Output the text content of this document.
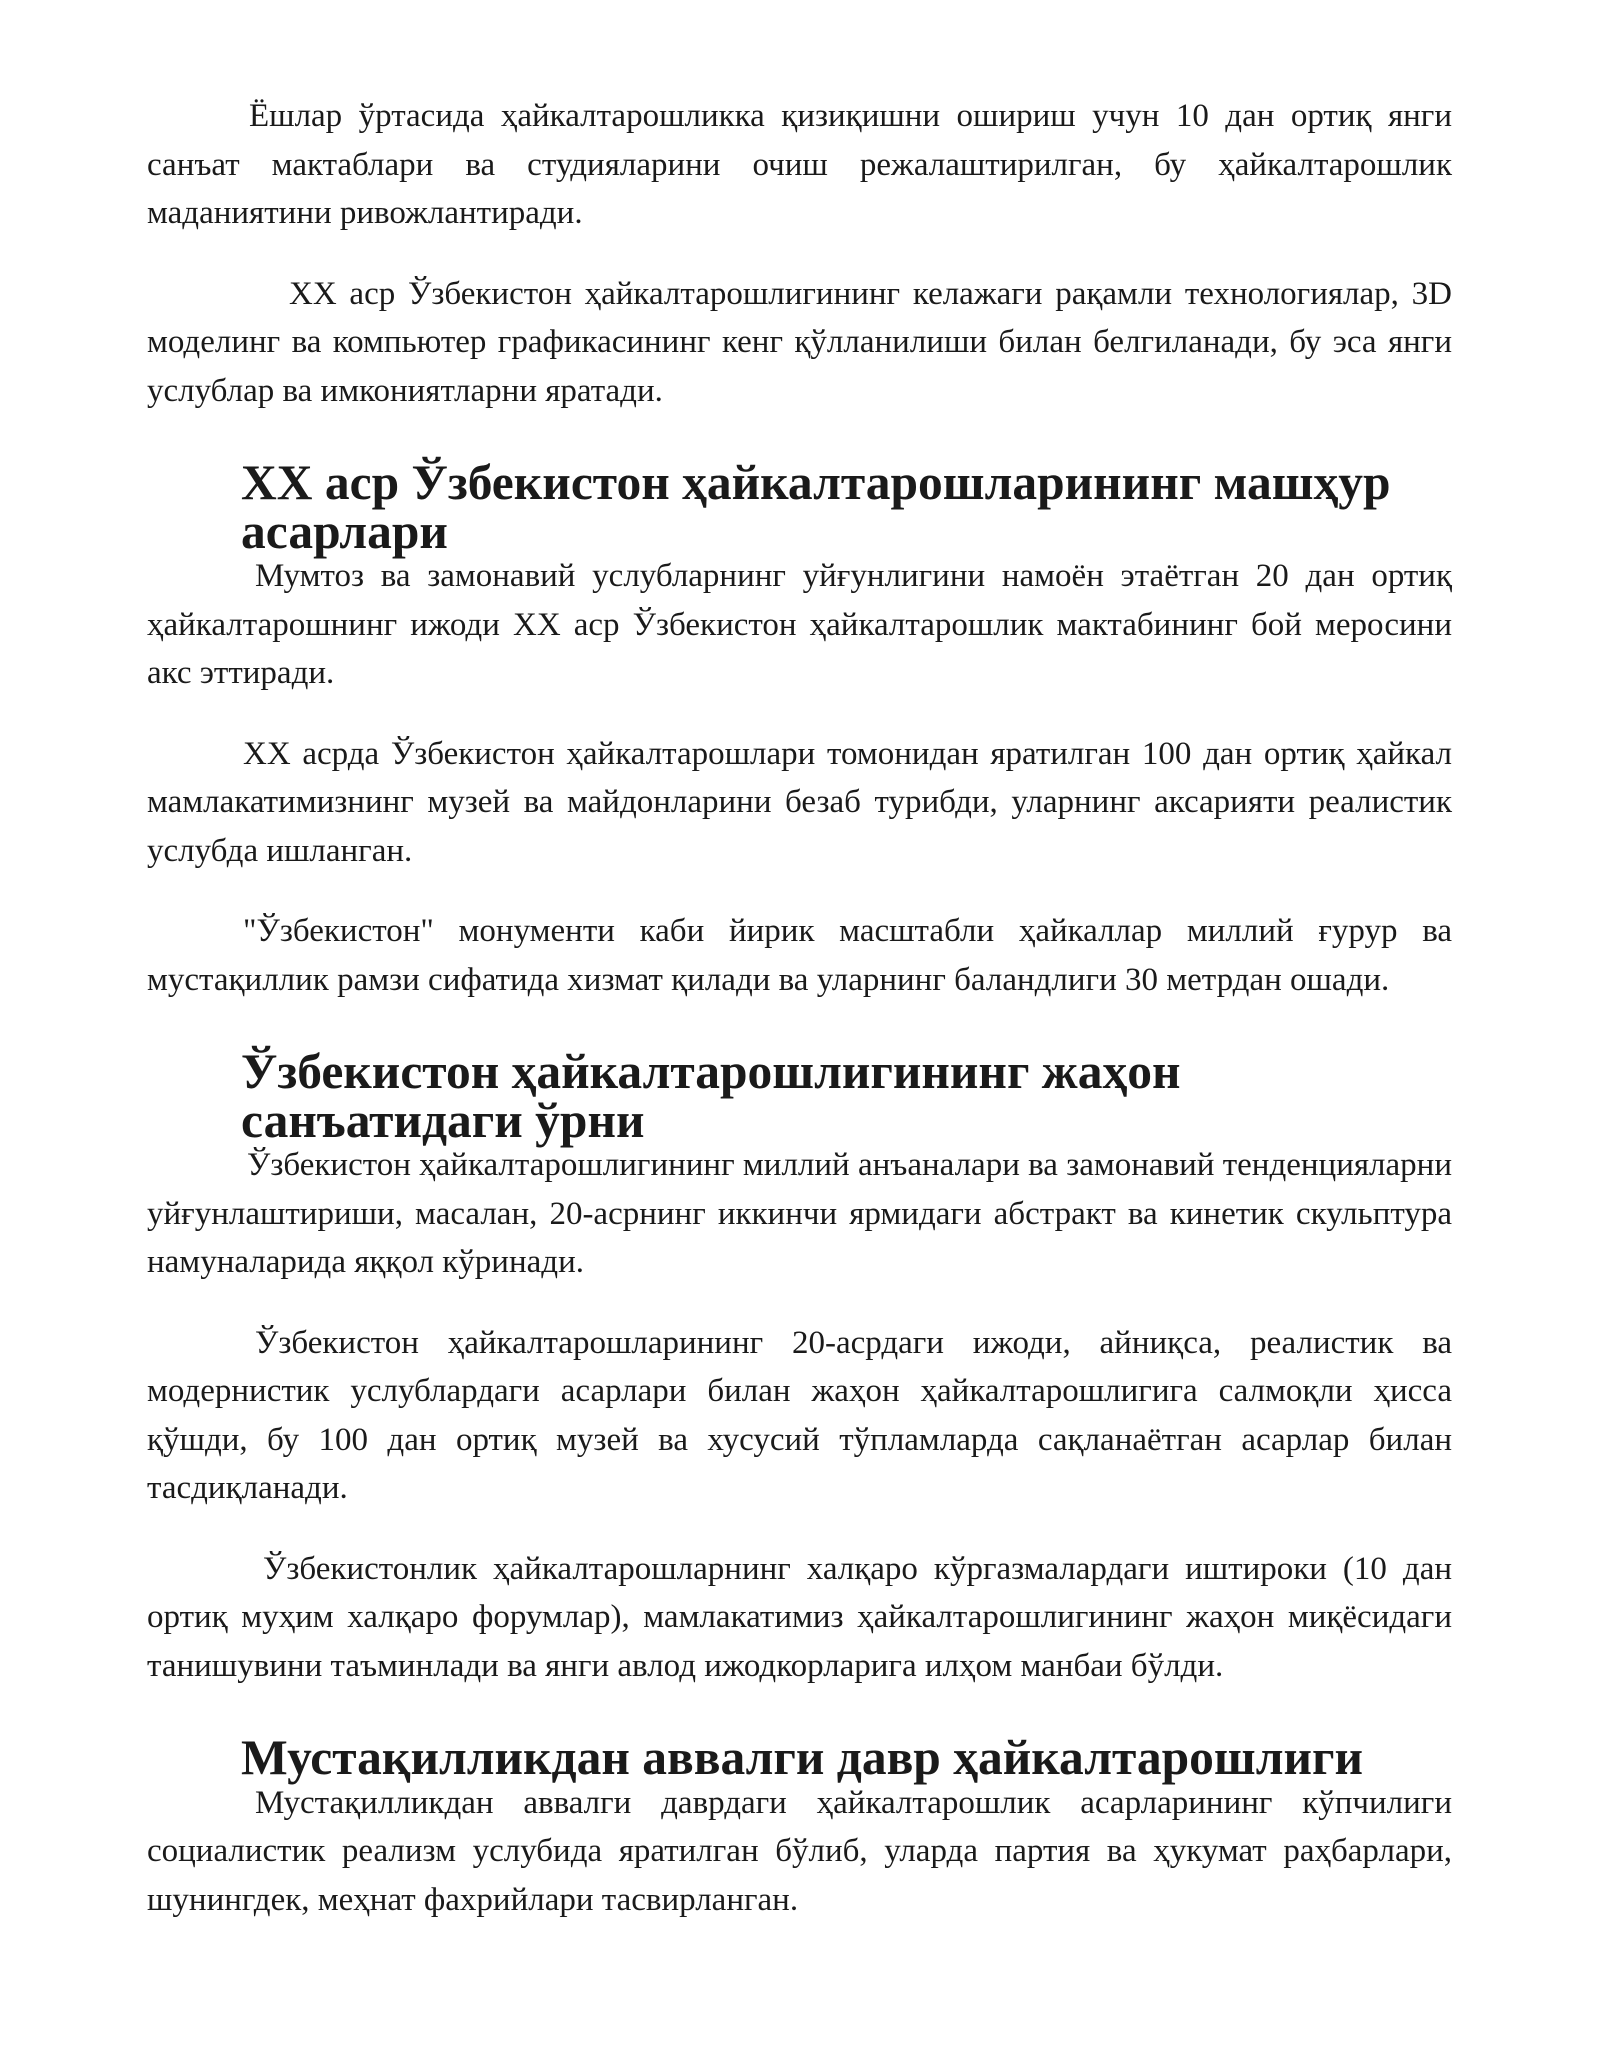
Ёшлар ўртасида ҳайкалтарошликка қизиқишни ошириш учун 10 дан ортиқ янги санъат мактаблари ва студияларини очиш режалаштирилган, бу ҳайкалтарошлик маданиятини ривожлантиради.

XX аср Ўзбекистон ҳайкалтарошлигининг келажаги рақамли технологиялар, 3D моделинг ва компьютер графикасининг кенг қўлланилиши билан белгиланади, бу эса янги услублар ва имкониятларни яратади.

XX аср Ўзбекистон ҳайкалтарошларининг машҳур асарлари

Мумтоз ва замонавий услубларнинг уйғунлигини намоён этаётган 20 дан ортиқ ҳайкалтарошнинг ижоди XX аср Ўзбекистон ҳайкалтарошлик мактабининг бой меросини акс эттиради.

XX асрда Ўзбекистон ҳайкалтарошлари томонидан яратилган 100 дан ортиқ ҳайкал мамлакатимизнинг музей ва майдонларини безаб турибди, уларнинг аксарияти реалистик услубда ишланган.

"Ўзбекистон" монументи каби йирик масштабли ҳайкаллар миллий ғурур ва мустақиллик рамзи сифатида хизмат қилади ва уларнинг баландлиги 30 метрдан ошади.

Ўзбекистон ҳайкалтарошлигининг жаҳон санъатидаги ўрни

Ўзбекистон ҳайкалтарошлигининг миллий анъаналари ва замонавий тенденцияларни уйғунлаштириши, масалан, 20-асрнинг иккинчи ярмидаги абстракт ва кинетик скульптура намуналарида яққол кўринади.

Ўзбекистон ҳайкалтарошларининг 20-асрдаги ижоди, айниқса, реалистик ва модернистик услублардаги асарлари билан жаҳон ҳайкалтарошлигига салмоқли ҳисса қўшди, бу 100 дан ортиқ музей ва хусусий тўпламларда сақланаётган асарлар билан тасдиқланади.

Ўзбекистонлик ҳайкалтарошларнинг халқаро кўргазмалардаги иштироки (10 дан ортиқ муҳим халқаро форумлар), мамлакатимиз ҳайкалтарошлигининг жаҳон миқёсидаги танишувини таъминлади ва янги авлод ижодкорларига илҳом манбаи бўлди.

Мустақилликдан аввалги давр ҳайкалтарошлиги

Мустақилликдан аввалги даврдаги ҳайкалтарошлик асарларининг кўпчилиги социалистик реализм услубида яратилган бўлиб, уларда партия ва ҳукумат раҳбарлари, шунингдек, меҳнат фахрийлари тасвирланган.
